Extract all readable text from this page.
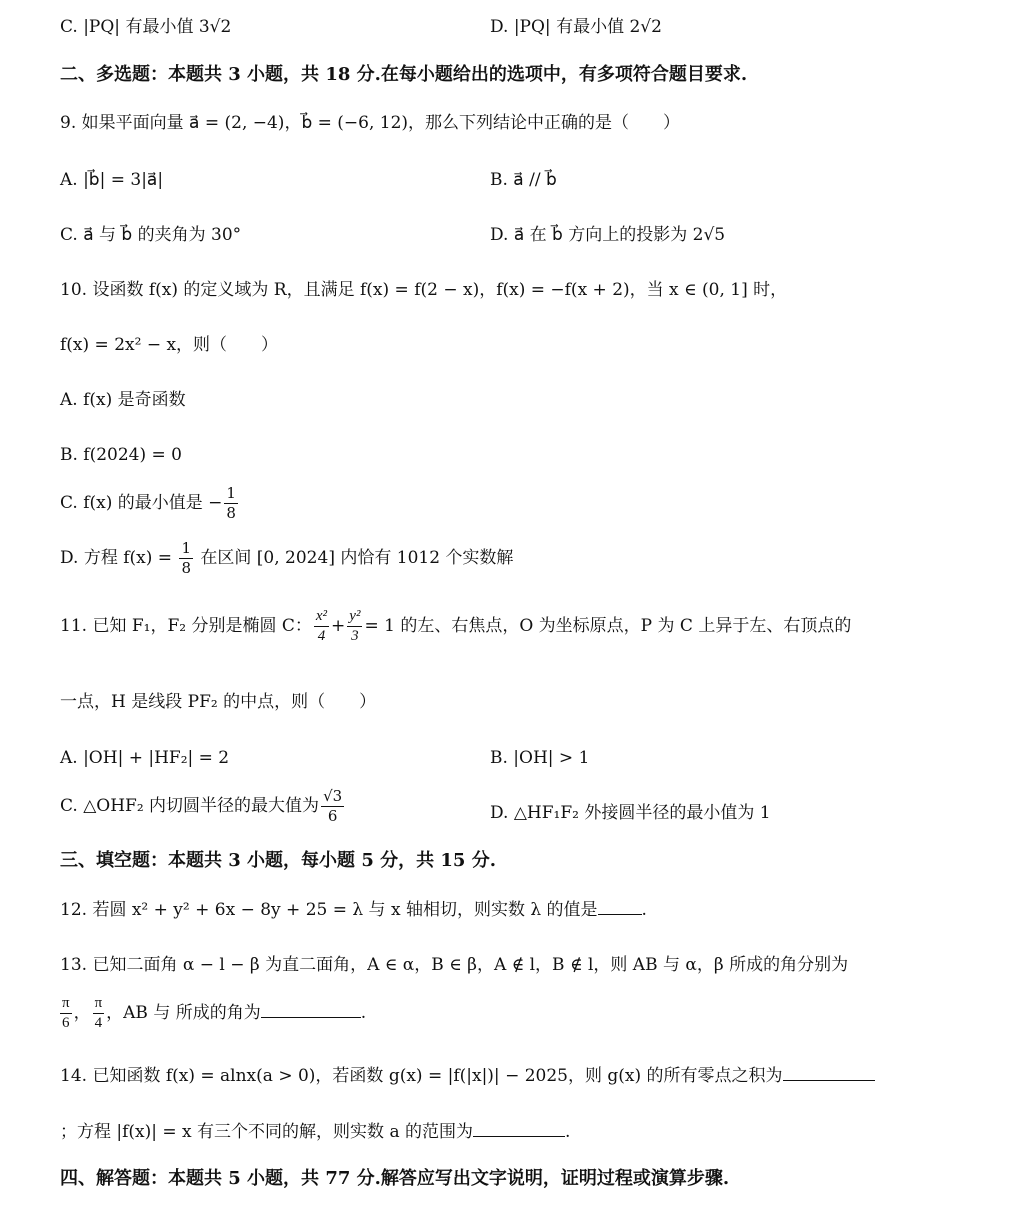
C. |PQ| 有最小值 3√2	D. |PQ| 有最小值 2√2
二、多选题：本题共 3 小题，共 18 分.在每小题给出的选项中，有多项符合题目要求.
9. 如果平面向量 a⃗ = (2, −4)，b⃗ = (−6, 12)，那么下列结论中正确的是（　　）
A. |b⃗| = 3|a⃗|	B. a⃗ // b⃗
C. a⃗ 与 b⃗ 的夹角为 30°	D. a⃗ 在 b⃗ 方向上的投影为 2√5
10. 设函数 f(x) 的定义域为 R，且满足 f(x) = f(2 − x)，f(x) = −f(x + 2)，当 x ∈ (0, 1] 时，
f(x) = 2x² − x，则（　　）
A. f(x) 是奇函数
B. f(2024) = 0
C. f(x) 的最小值是 − $\frac{1}{8}$
D. 方程 $f(x) = \frac{1}{8}$ 在区间 [0, 2024] 内恰有 1012 个实数解
11. 已知 F₁，F₂ 分别是椭圆 C： $\frac{\text{x²}}{4} + \frac{\text{y²}}{3} = 1$ 的左、右焦点，O 为坐标原点，P 为 C 上异于左、右顶点的
一点，H 是线段 PF₂ 的中点，则（　　）
A. |OH| + |HF₂| = 2	B. |OH| > 1
C. △OHF₂ 内切圆半径的最大值为 $\frac{√3}{6}$	D. △HF₁F₂ 外接圆半径的最小值为 1
三、填空题：本题共 3 小题，每小题 5 分，共 15 分.
12. 若圆 x² + y² + 6x − 8y + 25 = λ 与 x 轴相切，则实数 λ 的值是	.
13. 已知二面角 α − l − β 为直二面角，A ∈ α，B ∈ β，A ∉ l，B ∉ l，则 AB 与 α，β 所成的角分别为
$\frac{\pi}{6}$ ， $\frac{\pi}{4}$ ，AB 与 所成的角为	.
14. 已知函数 f(x) = alnx(a > 0)，若函数 g(x) = |f(|x|)| − 2025，则 g(x) 的所有零点之积为
；方程 |f(x)| = x 有三个不同的解，则实数 a 的范围为	.
四、解答题：本题共 5 小题，共 77 分.解答应写出文字说明，证明过程或演算步骤.
